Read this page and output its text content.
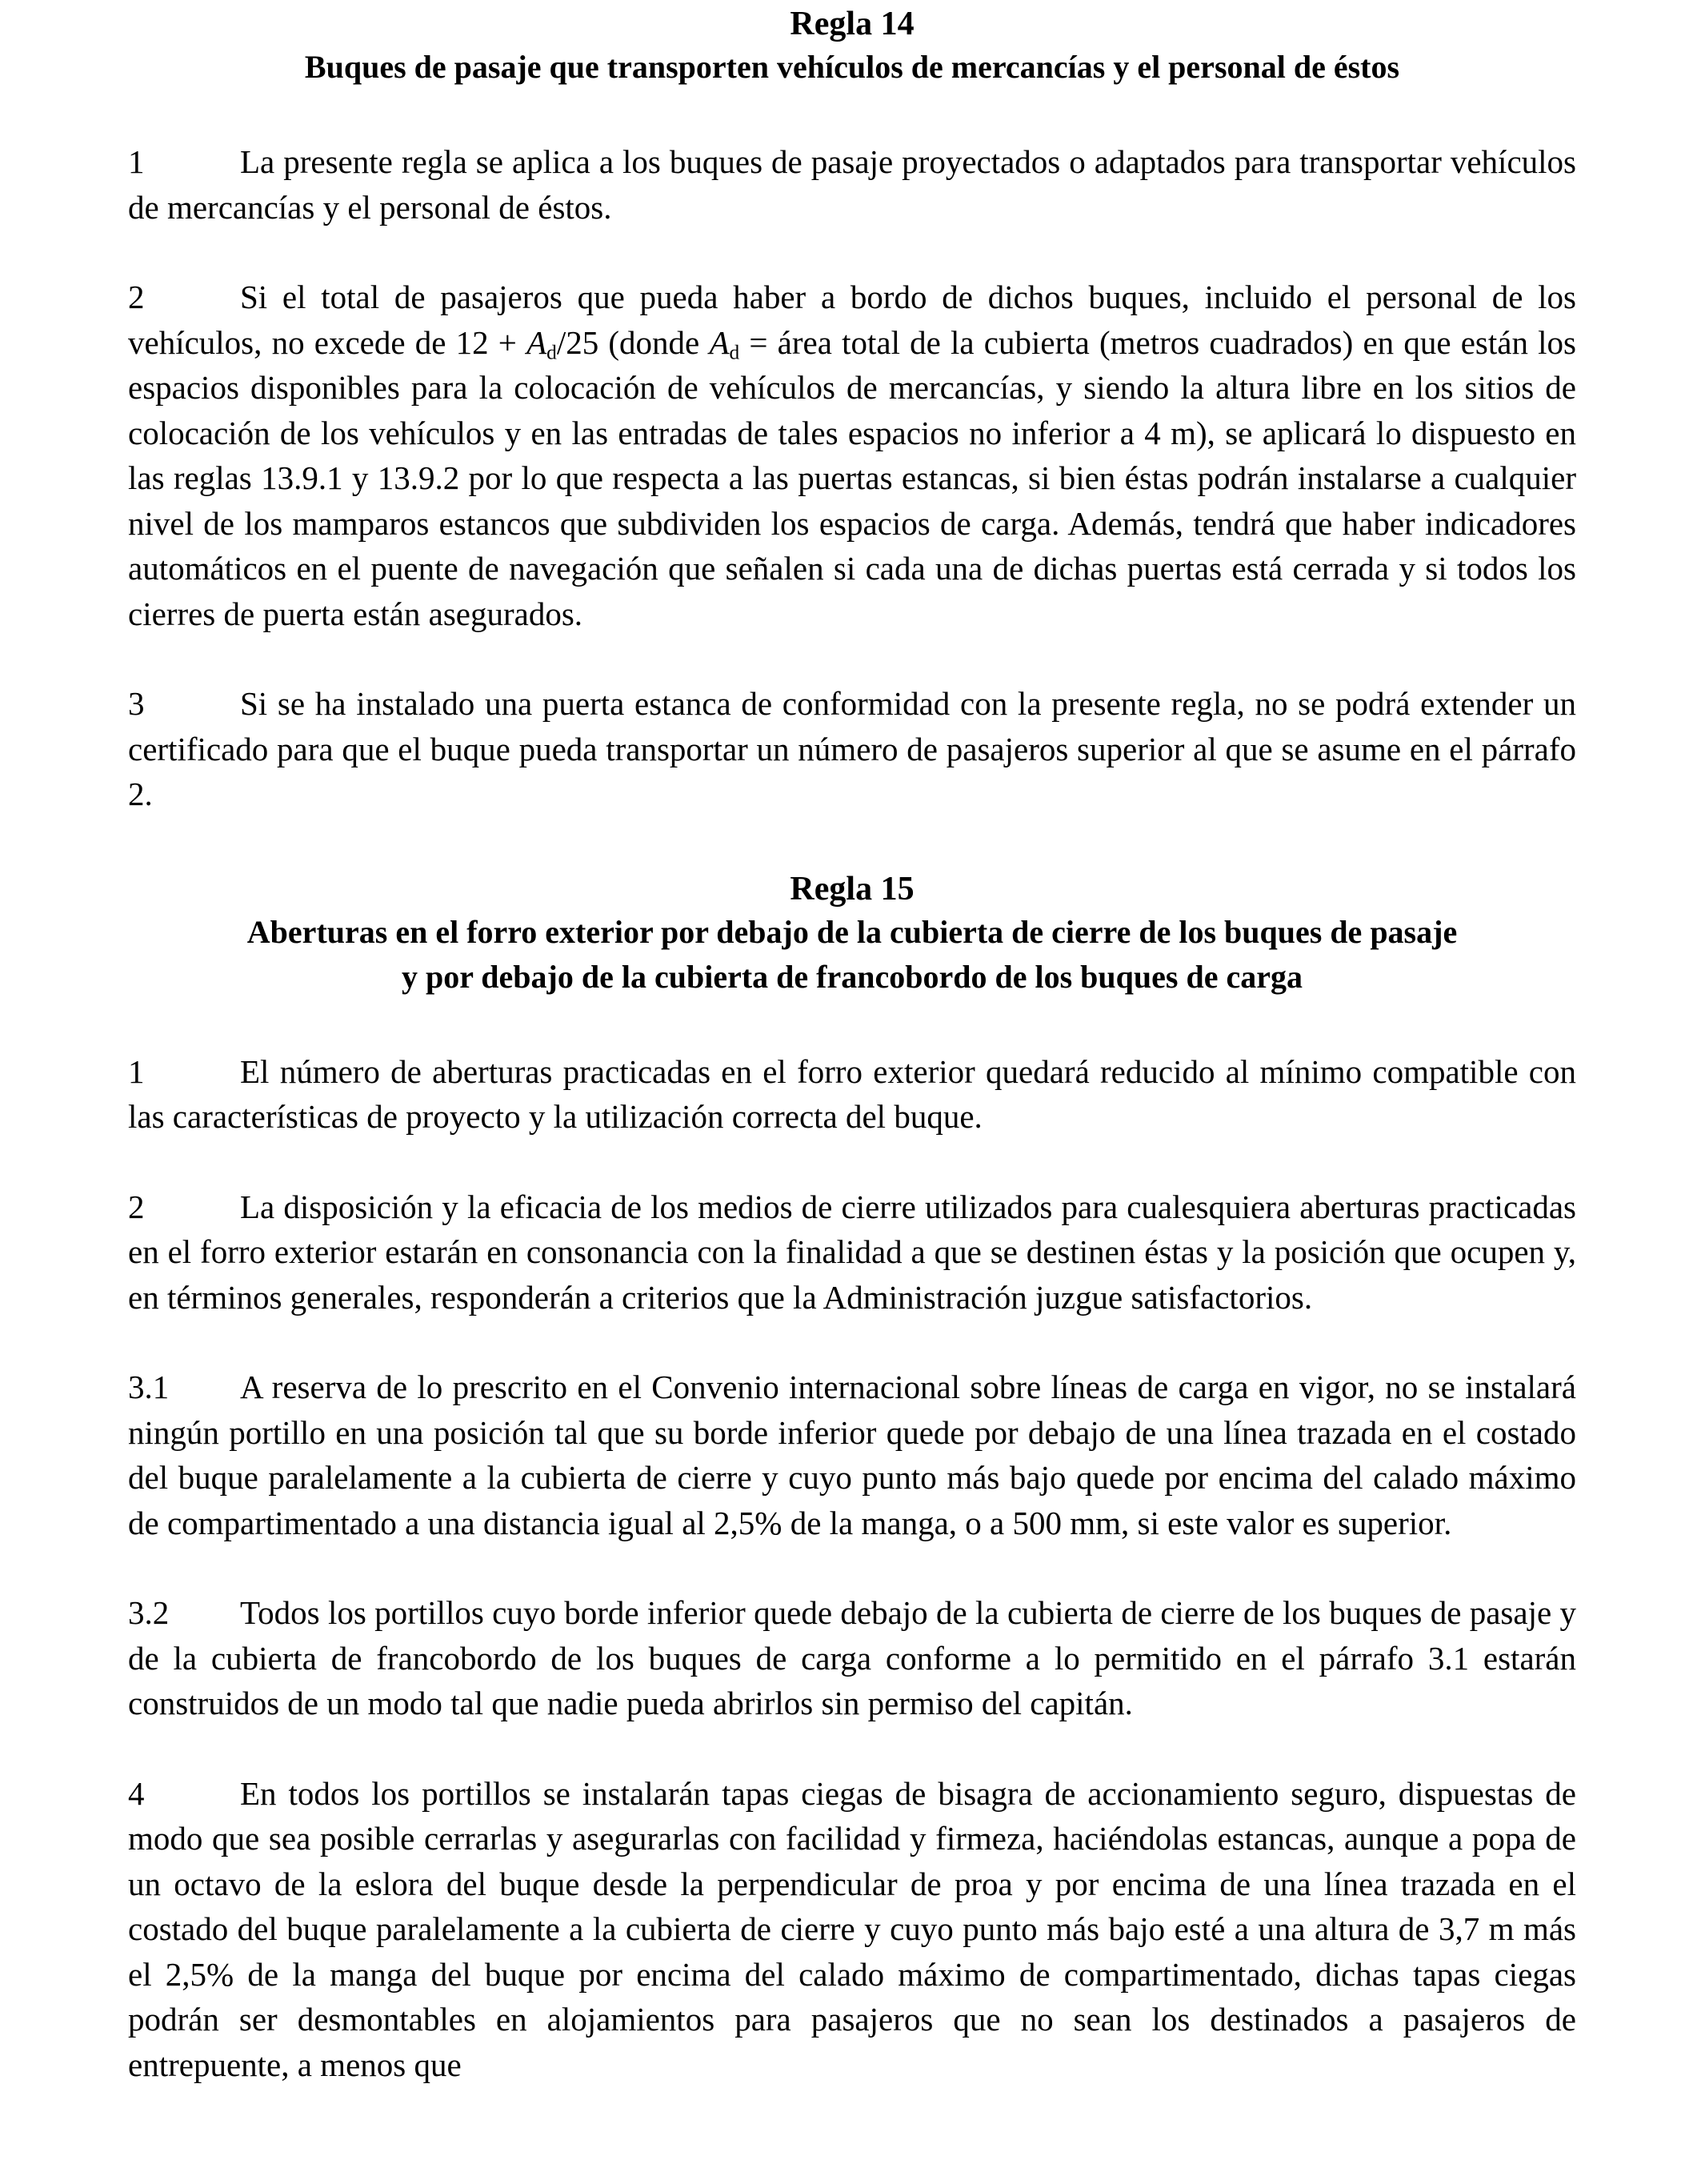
Regla 14

Buques de pasaje que transporten vehículos de mercancías y el personal de éstos

1	La presente regla se aplica a los buques de pasaje proyectados o adaptados para transportar vehículos de mercancías y el personal de éstos.

2	Si el total de pasajeros que pueda haber a bordo de dichos buques, incluido el personal de los vehículos, no excede de $12 + A_d/25$ (donde $A_d$ = área total de la cubierta (metros cuadrados) en que están los espacios disponibles para la colocación de vehículos de mercancías, y siendo la altura libre en los sitios de colocación de los vehículos y en las entradas de tales espacios no inferior a 4 m), se aplicará lo dispuesto en las reglas 13.9.1 y 13.9.2 por lo que respecta a las puertas estancas, si bien éstas podrán instalarse a cualquier nivel de los mamparos estancos que subdividen los espacios de carga. Además, tendrá que haber indicadores automáticos en el puente de navegación que señalen si cada una de dichas puertas está cerrada y si todos los cierres de puerta están asegurados.

3	Si se ha instalado una puerta estanca de conformidad con la presente regla, no se podrá extender un certificado para que el buque pueda transportar un número de pasajeros superior al que se asume en el párrafo 2.

Regla 15

Aberturas en el forro exterior por debajo de la cubierta de cierre de los buques de pasaje

y por debajo de la cubierta de francobordo de los buques de carga

1	El número de aberturas practicadas en el forro exterior quedará reducido al mínimo compatible con las características de proyecto y la utilización correcta del buque.

2	La disposición y la eficacia de los medios de cierre utilizados para cualesquiera aberturas practicadas en el forro exterior estarán en consonancia con la finalidad a que se destinen éstas y la posición que ocupen y, en términos generales, responderán a criterios que la Administración juzgue satisfactorios.

3.1 A reserva de lo prescrito en el Convenio internacional sobre líneas de carga en vigor, no se instalará ningún portillo en una posición tal que su borde inferior quede por debajo de una línea trazada en el costado del buque paralelamente a la cubierta de cierre y cuyo punto más bajo quede por encima del calado máximo de compartimentado a una distancia igual al 2,5% de la manga, o a 500 mm, si este valor es superior.

3.2 Todos los portillos cuyo borde inferior quede debajo de la cubierta de cierre de los buques de pasaje y de la cubierta de francobordo de los buques de carga conforme a lo permitido en el párrafo 3.1 estarán construidos de un modo tal que nadie pueda abrirlos sin permiso del capitán.

4	En todos los portillos se instalarán tapas ciegas de bisagra de accionamiento seguro, dispuestas de modo que sea posible cerrarlas y asegurarlas con facilidad y firmeza, haciéndolas estancas, aunque a popa de un octavo de la eslora del buque desde la perpendicular de proa y por encima de una línea trazada en el costado del buque paralelamente a la cubierta de cierre y cuyo punto más bajo esté a una altura de 3,7 m más el 2,5% de la manga del buque por encima del calado máximo de compartimentado, dichas tapas ciegas podrán ser desmontables en alojamientos para pasajeros que no sean los destinados a pasajeros de entrepuente, a menos que
